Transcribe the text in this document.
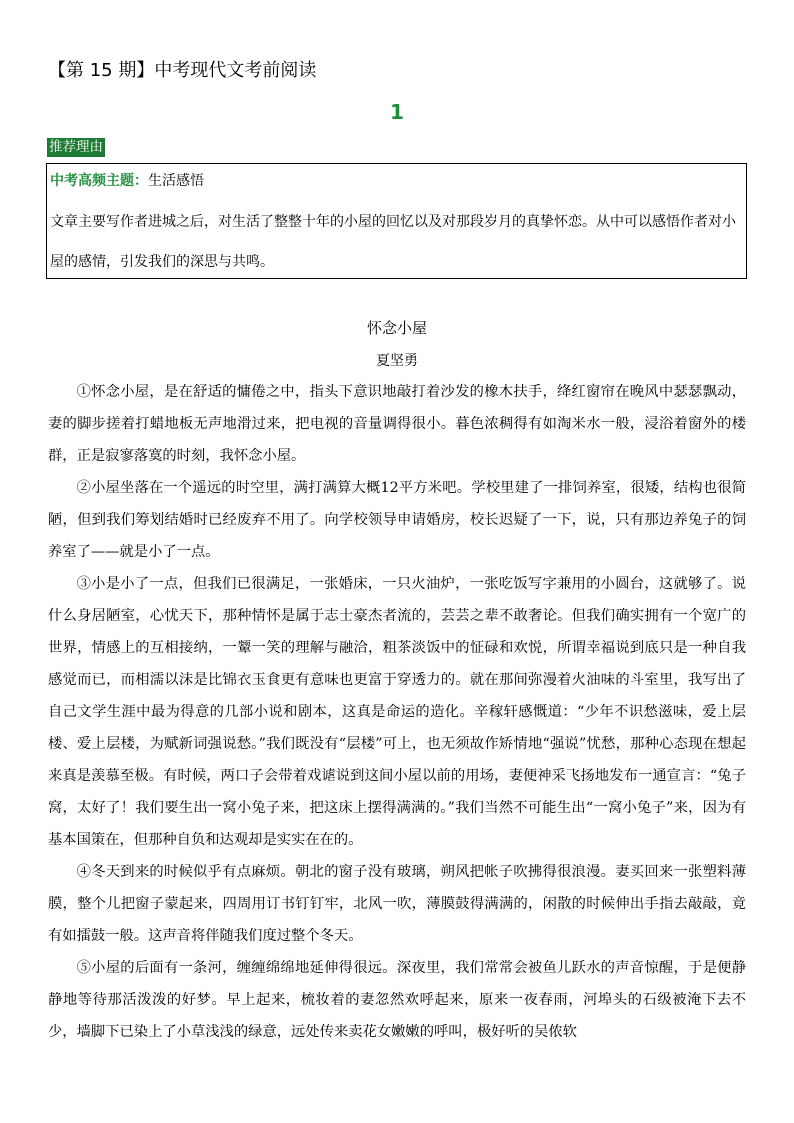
【第 15 期】中考现代文考前阅读
1
推荐理由
中考高频主题：生活感悟

文章主要写作者进城之后，对生活了整整十年的小屋的回忆以及对那段岁月的真挚怀恋。从中可以感悟作者对小屋的感情，引发我们的深思与共鸣。

怀念小屋
夏坚勇

①怀念小屋，是在舒适的慵倦之中，指头下意识地敲打着沙发的橡木扶手，绛红窗帘在晚风中瑟瑟飘动，妻的脚步搓着打蜡地板无声地滑过来，把电视的音量调得很小。暮色浓稠得有如淘米水一般，浸浴着窗外的楼群，正是寂寥落寞的时刻，我怀念小屋。

②小屋坐落在一个遥远的时空里，满打满算大概12平方米吧。学校里建了一排饲养室，很矮，结构也很简陋，但到我们筹划结婚时已经废弃不用了。向学校领导申请婚房，校长迟疑了一下，说，只有那边养兔子的饲养室了——就是小了一点。

③小是小了一点，但我们已很满足，一张婚床，一只火油炉，一张吃饭写字兼用的小圆台，这就够了。说什么身居陋室，心忧天下，那种情怀是属于志士豪杰者流的，芸芸之辈不敢奢论。但我们确实拥有一个宽广的世界，情感上的互相接纳，一颦一笑的理解与融洽，粗茶淡饭中的怔碌和欢悦，所谓幸福说到底只是一种自我感觉而已，而相濡以沫是比锦衣玉食更有意味也更富于穿透力的。就在那间弥漫着火油味的斗室里，我写出了自己文学生涯中最为得意的几部小说和剧本，这真是命运的造化。辛稼轩感慨道：“少年不识愁滋味，爱上层楼、爱上层楼，为赋新词强说愁。”我们既没有“层楼”可上，也无须故作矫情地“强说”忧愁，那种心态现在想起来真是羡慕至极。有时候，两口子会带着戏谑说到这间小屋以前的用场，妻便神采飞扬地发布一通宣言：“兔子窝，太好了！我们要生出一窝小兔子来，把这床上摆得满满的。”我们当然不可能生出“一窝小兔子”来，因为有基本国策在，但那种自负和达观却是实实在在的。

④冬天到来的时候似乎有点麻烦。朝北的窗子没有玻璃，朔风把帐子吹拂得很浪漫。妻买回来一张塑料薄膜，整个儿把窗子蒙起来，四周用订书钉钉牢，北风一吹，薄膜鼓得满满的，闲散的时候伸出手指去敲敲，竟有如擂鼓一般。这声音将伴随我们度过整个冬天。

⑤小屋的后面有一条河，缠缠绵绵地延伸得很远。深夜里，我们常常会被鱼儿跃水的声音惊醒，于是便静静地等待那活泼泼的好梦。早上起来，梳妆着的妻忽然欢呼起来，原来一夜春雨，河埠头的石级被淹下去不少，墙脚下已染上了小草浅浅的绿意，远处传来卖花女嫩嫩的呼叫，极好听的吴侬软
